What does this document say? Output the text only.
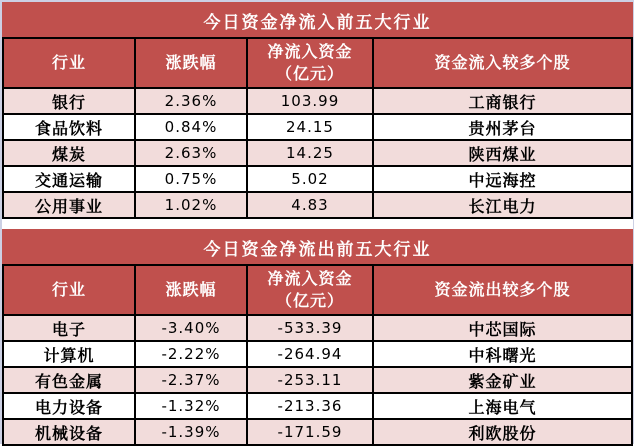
今日资金净流入前五大行业			
行业	涨跌幅	净流入资金（亿元）	资金流入较多个股
银行	2.36%	103.99	工商银行
食品饮料	0.84%	24.15	贵州茅台
煤炭	2.63%	14.25	陕西煤业
交通运输	0.75%	5.02	中远海控
公用事业	1.02%	4.83	长江电力
今日资金净流出前五大行业			
行业	涨跌幅	净流入资金（亿元）	资金流出较多个股
电子	-3.40%	-533.39	中芯国际
计算机	-2.22%	-264.94	中科曙光
有色金属	-2.37%	-253.11	紫金矿业
电力设备	-1.32%	-213.36	上海电气
机械设备	-1.39%	-171.59	利欧股份
